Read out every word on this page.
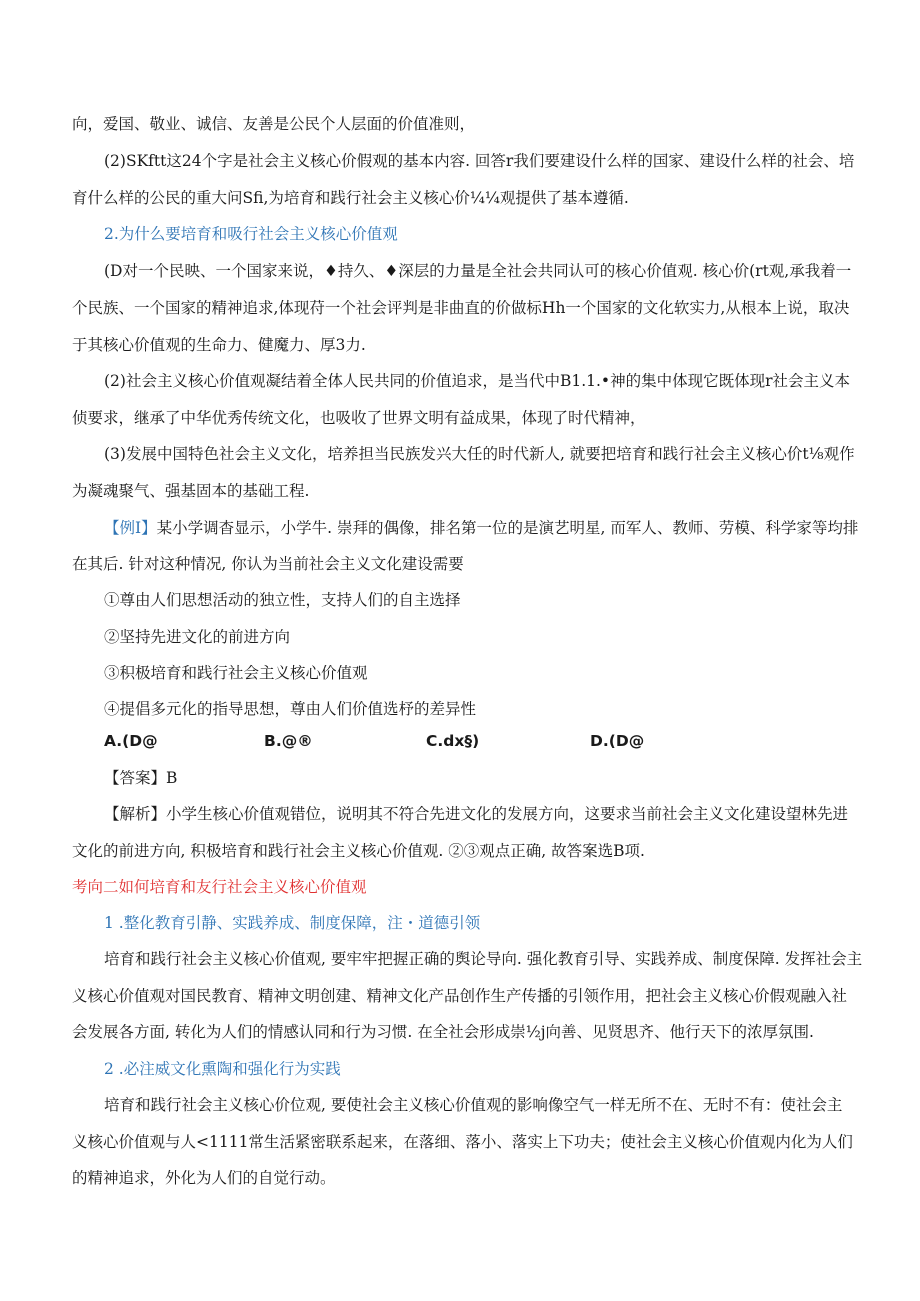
向，爱国、敬业、诚信、友善是公民个人层面的价值准则，
(2)SKftt这24个字是社会主义核心价假观的基本内容. 回答r我们要建设什么样的国家、建设什么样的社会、培
育什么样的公民的重大问Sfi,为培育和践行社会主义核心价¼¼观提供了基本遵循.
2.为什么要培育和吸行社会主义核心价值观
(D对一个民映、一个国家来说，♦持久、♦深层的力量是全社会共同认可的核心价值观. 核心价(rt观,承我着一
个民族、一个国家的精神追求,体现苻一个社会评判是非曲直的价做标Hh一个国家的文化软实力,从根本上说，取决
于其核心价值观的生命力、健魔力、厚3力.
(2)社会主义核心价值观凝结着全体人民共同的价值追求，是当代中B1.1.•神的集中体现它既体现r社会主义本
侦要求，继承了中华优秀传统文化，也吸收了世界文明有益成果，体现了时代精神，
(3)发展中国特色社会主义文化，培养担当民族发兴大任的时代新人, 就要把培育和践行社会主义核心价t⅛观作
为凝魂聚气、强基固本的基础工程.
【例Ⅰ】某小学调杳显示，小学牛. 崇拜的偶像，排名第一位的是演艺明星, 而军人、教师、劳模、科学家等均排
在其后. 针对这种情况, 你认为当前社会主义文化建设需要
①尊由人们思想活动的独立性，支持人们的自主选择
②坚持先进文化的前进方向
③积极培育和践行社会主义核心价值观
④提倡多元化的指导思想，尊由人们价值选杼的差异性
A.(D@	B.@®	C.dx§)	D.(D@
【答案】B
【解析】小学生核心价值观错位，说明其不符合先进文化的发展方向，这要求当前社会主义文化建设望林先进
文化的前进方向, 积极培育和践行社会主义核心价值观. ②③观点正确, 故答案选B项.
考向二如何培育和友行社会主义核心价值观
1 .整化教育引静、实践养成、制度保障，注・道德引领
培育和践行社会主义核心价值观, 要牢牢把握正确的舆论导向. 强化教育引导、实践养成、制度保障. 发挥社会主
义核心价值观对国民教育、精神文明创建、精神文化产品创作生产传播的引领作用，把社会主义核心价假观融入社
会发展各方面, 转化为人们的情感认同和行为习惯. 在全社会形成崇½j向善、见贤思齐、他行天下的浓厚氛围.
2 .必注威文化熏陶和强化行为实践
培育和践行社会主义核心价位观, 要使社会主义核心价值观的影响像空气一样无所不在、无时不有：使社会主
义核心价值观与人<1111常生活紧密联系起来，在落细、落小、落实上下功夫；使社会主义核心价值观内化为人们
的精神追求，外化为人们的自觉行动。
